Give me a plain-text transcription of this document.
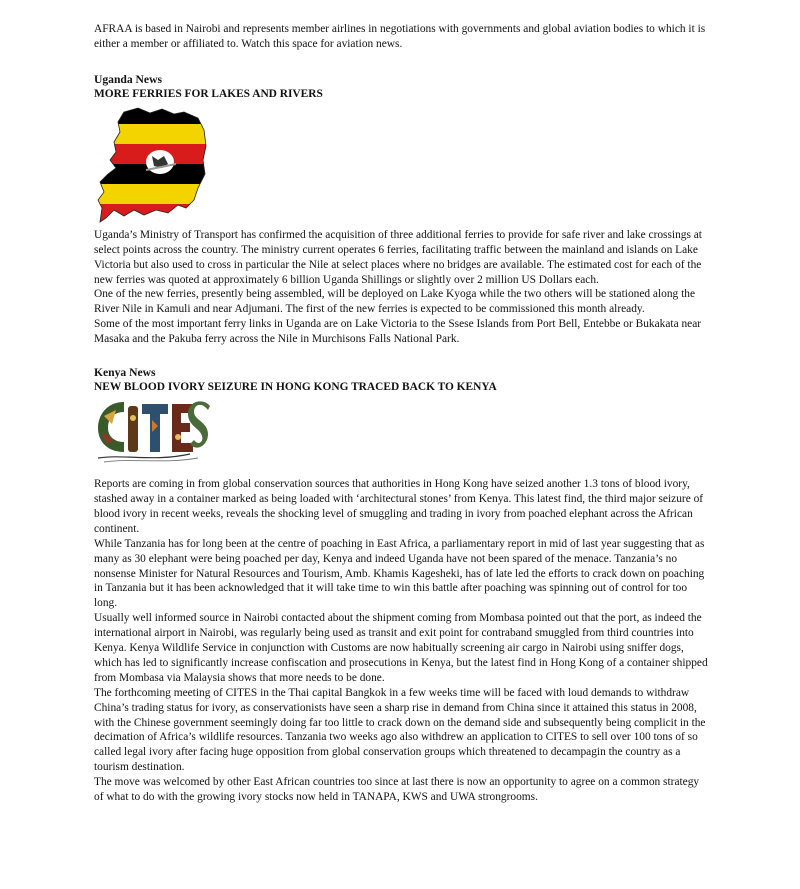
AFRAA is based in Nairobi and represents member airlines in negotiations with governments and global aviation bodies to which it is either a member or affiliated to. Watch this space for aviation news.

Uganda News

MORE FERRIES FOR LAKES AND RIVERS

Uganda’s Ministry of Transport has confirmed the acquisition of three additional ferries to provide for safe river and lake crossings at select points across the country. The ministry current operates 6 ferries, facilitating traffic between the mainland and islands on Lake Victoria but also used to cross in particular the Nile at select places where no bridges are available. The estimated cost for each of the new ferries was quoted at approximately 6 billion Uganda Shillings or slightly over 2 million US Dollars each.

One of the new ferries, presently being assembled, will be deployed on Lake Kyoga while the two others will be stationed along the River Nile in Kamuli and near Adjumani. The first of the new ferries is expected to be commissioned this month already.

Some of the most important ferry links in Uganda are on Lake Victoria to the Ssese Islands from Port Bell, Entebbe or Bukakata near Masaka and the Pakuba ferry across the Nile in Murchisons Falls National Park.

Kenya News

NEW BLOOD IVORY SEIZURE IN HONG KONG TRACED BACK TO KENYA

CITES

Reports are coming in from global conservation sources that authorities in Hong Kong have seized another 1.3 tons of blood ivory, stashed away in a container marked as being loaded with ‘architectural stones’ from Kenya. This latest find, the third major seizure of blood ivory in recent weeks, reveals the shocking level of smuggling and trading in ivory from poached elephant across the African continent.

While Tanzania has for long been at the centre of poaching in East Africa, a parliamentary report in mid of last year suggesting that as many as 30 elephant were being poached per day, Kenya and indeed Uganda have not been spared of the menace. Tanzania’s no nonsense Minister for Natural Resources and Tourism, Amb. Khamis Kagesheki, has of late led the efforts to crack down on poaching in Tanzania but it has been acknowledged that it will take time to win this battle after poaching was spinning out of control for too long.

Usually well informed source in Nairobi contacted about the shipment coming from Mombasa pointed out that the port, as indeed the international airport in Nairobi, was regularly being used as transit and exit point for contraband smuggled from third countries into Kenya. Kenya Wildlife Service in conjunction with Customs are now habitually screening air cargo in Nairobi using sniffer dogs, which has led to significantly increase confiscation and prosecutions in Kenya, but the latest find in Hong Kong of a container shipped from Mombasa via Malaysia shows that more needs to be done.

The forthcoming meeting of CITES in the Thai capital Bangkok in a few weeks time will be faced with loud demands to withdraw China’s trading status for ivory, as conservationists have seen a sharp rise in demand from China since it attained this status in 2008, with the Chinese government seemingly doing far too little to crack down on the demand side and subsequently being complicit in the decimation of Africa’s wildlife resources. Tanzania two weeks ago also withdrew an application to CITES to sell over 100 tons of so called legal ivory after facing huge opposition from global conservation groups which threatened to decampagin the country as a tourism destination.

The move was welcomed by other East African countries too since at last there is now an opportunity to agree on a common strategy of what to do with the growing ivory stocks now held in TANAPA, KWS and UWA strongrooms.
